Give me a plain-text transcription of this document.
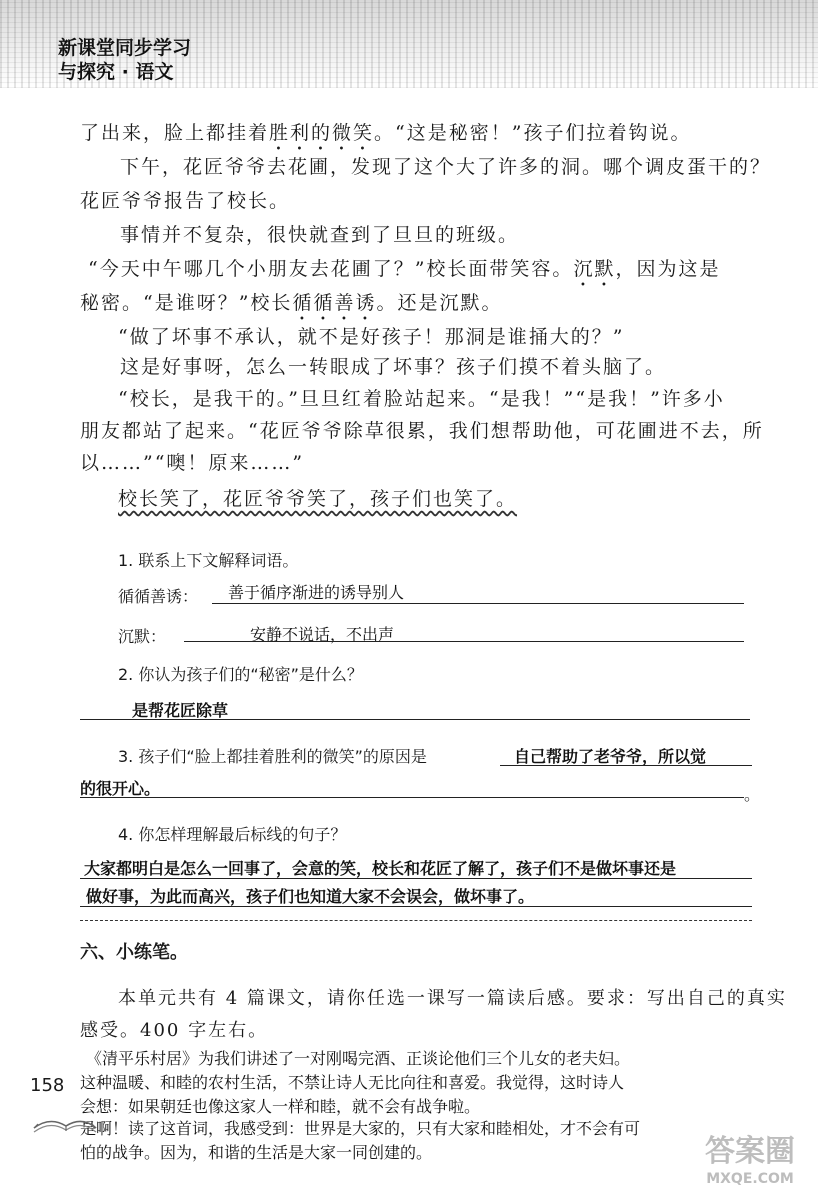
新课堂同步学习
与探究 · 语文
了出来，脸上都挂着胜利的微笑。“这是秘密！”孩子们拉着钩说。
下午，花匠爷爷去花圃，发现了这个大了许多的洞。哪个调皮蛋干的？
花匠爷爷报告了校长。
事情并不复杂，很快就查到了旦旦的班级。
“今天中午哪几个小朋友去花圃了？”校长面带笑容。沉默，因为这是
秘密。“是谁呀？”校长循循善诱。还是沉默。
“做了坏事不承认，就不是好孩子！那洞是谁捅大的？”
这是好事呀，怎么一转眼成了坏事？孩子们摸不着头脑了。
“校长，是我干的。”旦旦红着脸站起来。“是我！”“是我！”许多小
朋友都站了起来。“花匠爷爷除草很累，我们想帮助他，可花圃进不去，所
以……”“噢！原来……”
校长笑了，花匠爷爷笑了，孩子们也笑了。
1. 联系上下文解释词语。
循循善诱： 善于循序渐进的诱导别人
沉默：	安静不说话，不出声
2. 你认为孩子们的“秘密”是什么？
是帮花匠除草
3. 孩子们“脸上都挂着胜利的微笑”的原因是	自己帮助了老爷爷，所以觉
的很开心。	。
4. 你怎样理解最后标线的句子？
大家都明白是怎么一回事了，会意的笑，校长和花匠了解了，孩子们不是做坏事还是
做好事，为此而高兴，孩子们也知道大家不会误会，做坏事了。
六、小练笔。
本单元共有 4 篇课文，请你任选一课写一篇读后感。要求：写出自己的真实
感受。400 字左右。
《清平乐村居》为我们讲述了一对刚喝完酒、正谈论他们三个儿女的老夫妇。
这种温暖、和睦的农村生活，不禁让诗人无比向往和喜爱。我觉得，这时诗人
会想：如果朝廷也像这家人一样和睦，就不会有战争啦。
是啊！读了这首词，我感受到：世界是大家的，只有大家和睦相处，才不会有可
怕的战争。因为，和谐的生活是大家一同创建的。
158
答案圈
MXQE.COM
